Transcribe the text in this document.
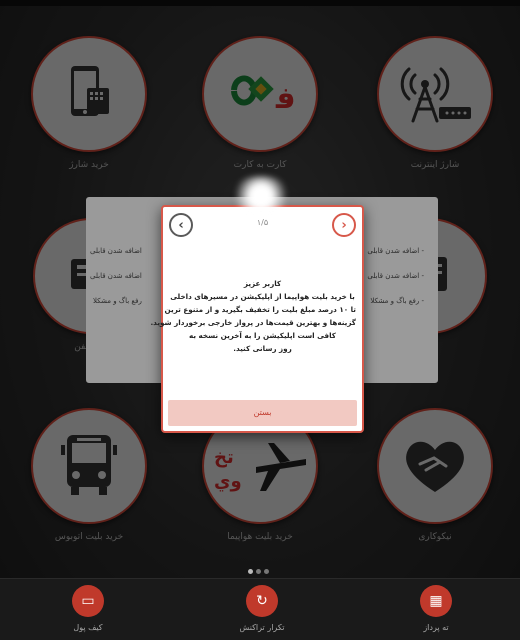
- اضافه شدن قابلی
- اضافه شدن قابلی
- رفع باگ و مشکلا
اضافه شدن قابلی
اضافه شدن قابلی
رفع باگ و مشکلا
‹	۱/۵	›

کاربر عزیز

با خرید بلیت هواپیما از اپلیکیشن در مسیرهای داخلی

تا ۱۰ درصد مبلغ بلیت را تخفیف بگیرید و از متنوع ترین

گزینه‌ها و بهترین قیمت‌ها در پرواز خارجی برخوردار شوید.

کافی است اپلیکیشن را به آخرین نسخه به

روز رسانی کنید.

بستن
▭
کیف پول
↻
تکرار تراکنش
▦
ته پرداز
